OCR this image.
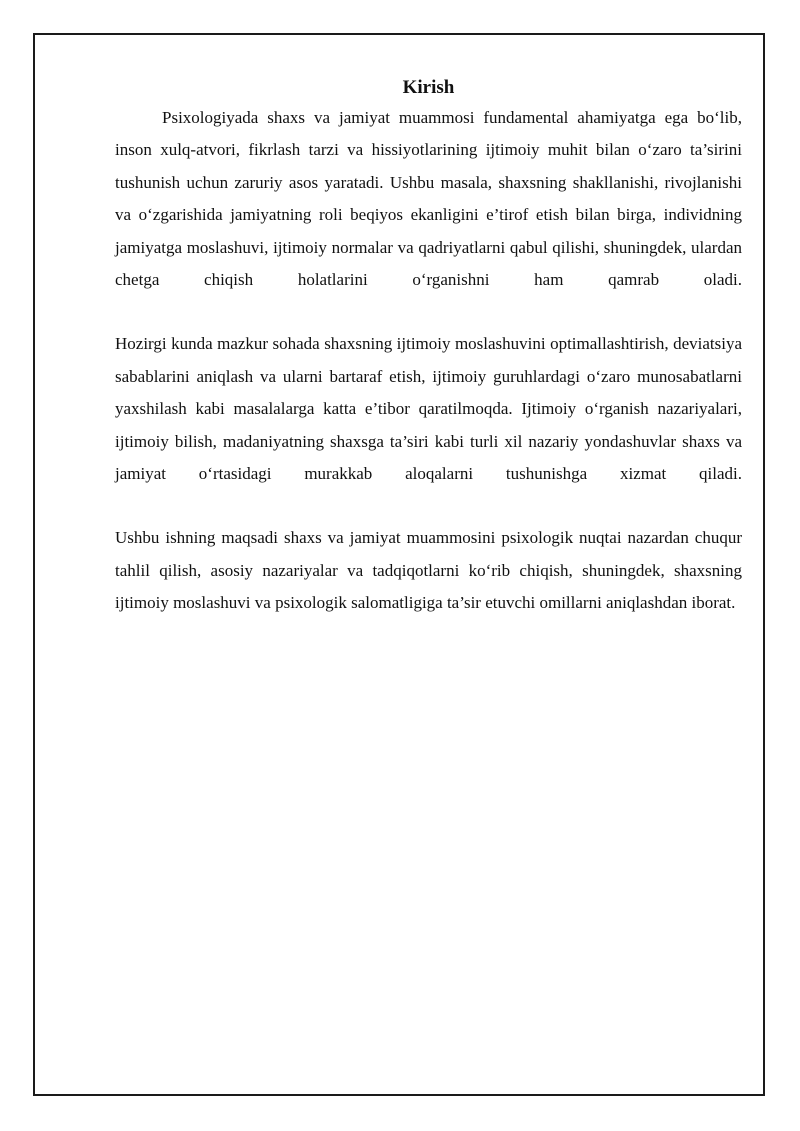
Kirish

Psixologiyada shaxs va jamiyat muammosi fundamental ahamiyatga ega bo‘lib, inson xulq-atvori, fikrlash tarzi va hissiyotlarining ijtimoiy muhit bilan o‘zaro ta’sirini tushunish uchun zaruriy asos yaratadi. Ushbu masala, shaxsning shakllanishi, rivojlanishi va o‘zgarishida jamiyatning roli beqiyos ekanligini e’tirof etish bilan birga, individning jamiyatga moslashuvi, ijtimoiy normalar va qadriyatlarni qabul qilishi, shuningdek, ulardan chetga chiqish holatlarini o‘rganishni ham qamrab oladi.

Hozirgi kunda mazkur sohada shaxsning ijtimoiy moslashuvini optimallashtirish, deviatsiya sabablarini aniqlash va ularni bartaraf etish, ijtimoiy guruhlardagi o‘zaro munosabatlarni yaxshilash kabi masalalarga katta e’tibor qaratilmoqda. Ijtimoiy o‘rganish nazariyalari, ijtimoiy bilish, madaniyatning shaxsga ta’siri kabi turli xil nazariy yondashuvlar shaxs va jamiyat o‘rtasidagi murakkab aloqalarni tushunishga xizmat qiladi.

Ushbu ishning maqsadi shaxs va jamiyat muammosini psixologik nuqtai nazardan chuqur tahlil qilish, asosiy nazariyalar va tadqiqotlarni ko‘rib chiqish, shuningdek, shaxsning ijtimoiy moslashuvi va psixologik salomatligiga ta’sir etuvchi omillarni aniqlashdan iborat.
